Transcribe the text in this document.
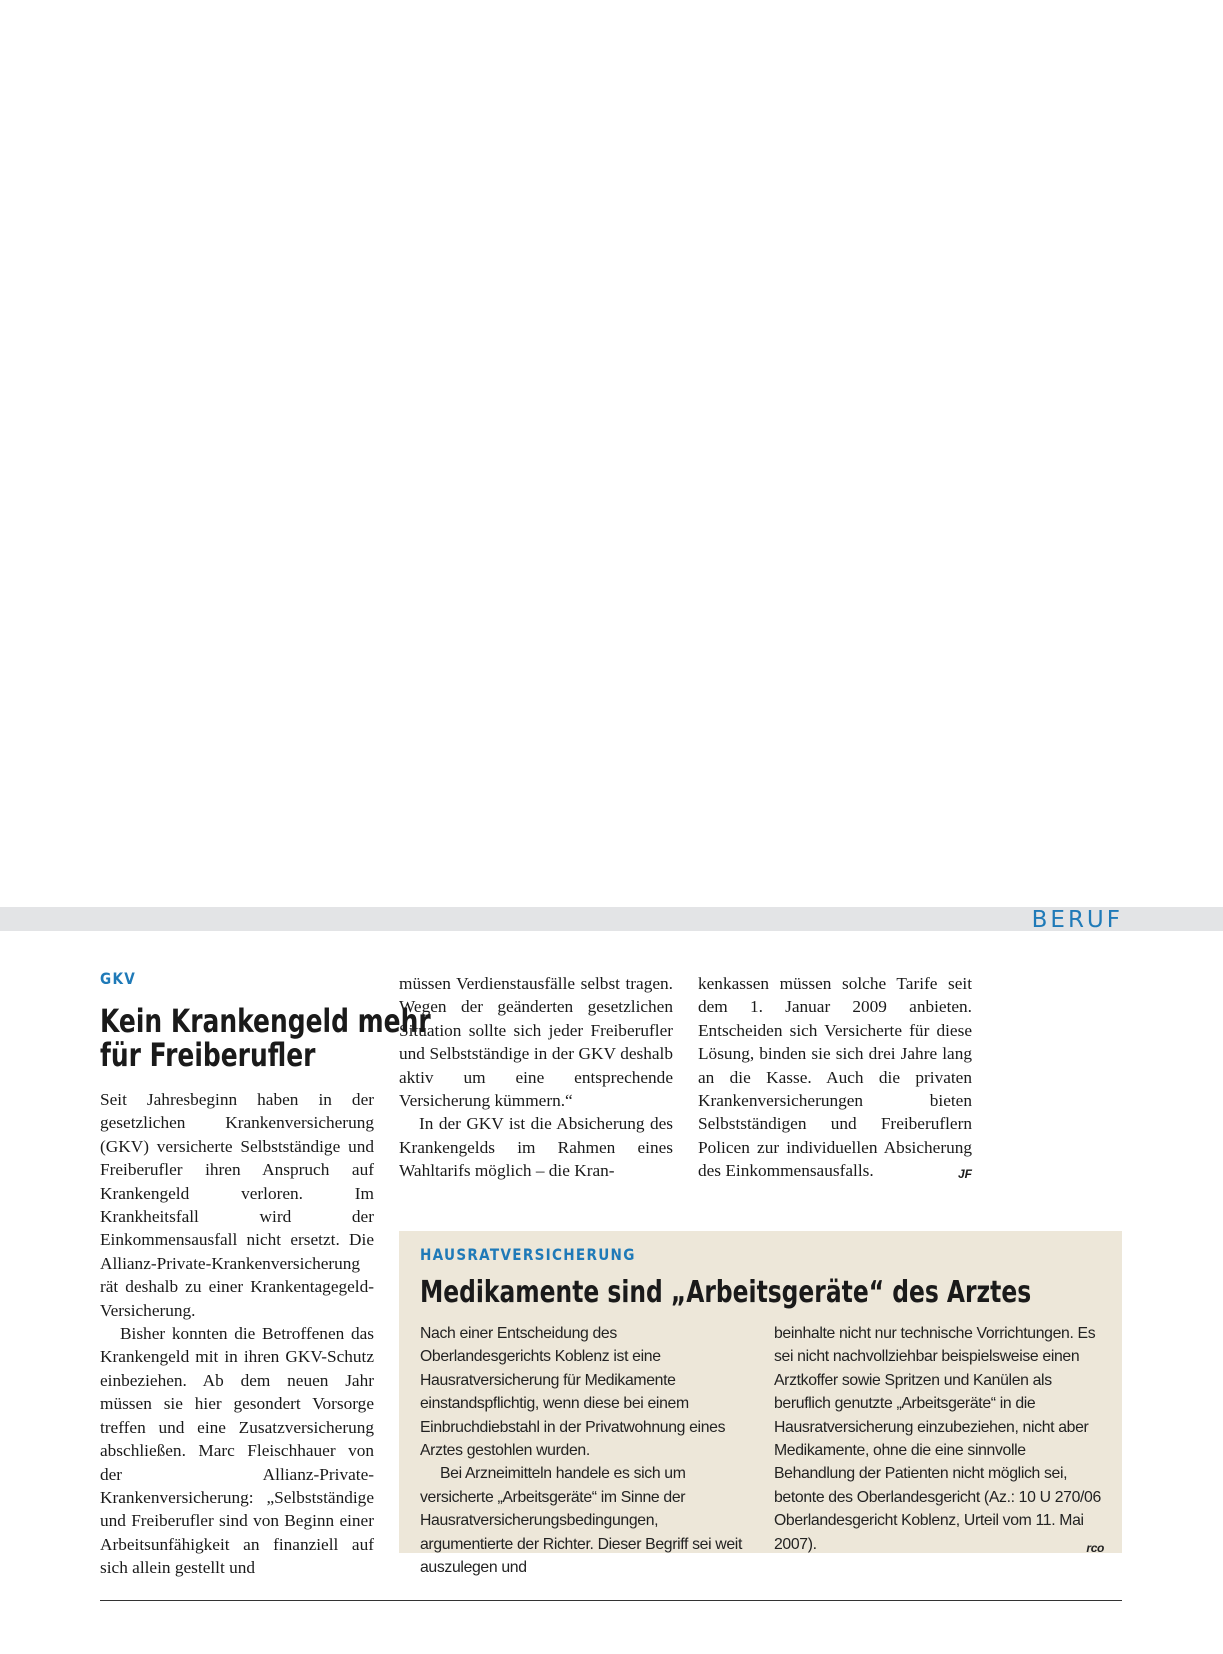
BERUF
GKV
Kein Krankengeld mehr
für Freiberufler

Seit Jahresbeginn haben in der gesetzlichen Krankenversicherung (GKV) versicherte Selbstständige und Freiberufler ihren Anspruch auf Krankengeld verloren. Im Krankheitsfall wird der Einkommensausfall nicht ersetzt. Die Allianz-Private-Krankenversicherung rät deshalb zu einer Krankentagegeld-Versicherung.

Bisher konnten die Betroffenen das Krankengeld mit in ihren GKV-Schutz einbeziehen. Ab dem neuen Jahr müssen sie hier gesondert Vorsorge treffen und eine Zusatzversicherung abschließen. Marc Fleischhauer von der Allianz-Private-Krankenversicherung: „Selbstständige und Freiberufler sind von Beginn einer Arbeitsunfähigkeit an finanziell auf sich allein gestellt und

müssen Verdienstausfälle selbst tragen. Wegen der geänderten gesetzlichen Situation sollte sich jeder Freiberufler und Selbstständige in der GKV deshalb aktiv um eine entsprechende Versicherung kümmern.“

In der GKV ist die Absicherung des Krankengelds im Rahmen eines Wahltarifs möglich – die Kran-

kenkassen müssen solche Tarife seit dem 1. Januar 2009 anbieten. Entscheiden sich Versicherte für diese Lösung, binden sie sich drei Jahre lang an die Kasse. Auch die privaten Krankenversicherungen bieten Selbstständigen und Freiberuflern Policen zur individuellen Absicherung des Einkommensausfalls.	JF

HAUSRATVERSICHERUNG
Medikamente sind „Arbeitsgeräte“ des Arztes

Nach einer Entscheidung des Oberlandesgerichts Koblenz ist eine Hausratversicherung für Medikamente einstandspflichtig, wenn diese bei einem Einbruchdiebstahl in der Privatwohnung eines Arztes gestohlen wurden.

Bei Arzneimitteln handele es sich um versicherte „Arbeitsgeräte“ im Sinne der Hausratversicherungsbedingungen, argumentierte der Richter. Dieser Begriff sei weit auszulegen und

beinhalte nicht nur technische Vorrichtungen. Es sei nicht nachvollziehbar beispielsweise einen Arztkoffer sowie Spritzen und Kanülen als beruflich genutzte „Arbeitsgeräte“ in die Hausratversicherung einzubeziehen, nicht aber Medikamente, ohne die eine sinnvolle Behandlung der Patienten nicht möglich sei, betonte des Oberlandesgericht (Az.: 10 U 270/06 Oberlandesgericht Koblenz, Urteil vom 11. Mai 2007).	rco
